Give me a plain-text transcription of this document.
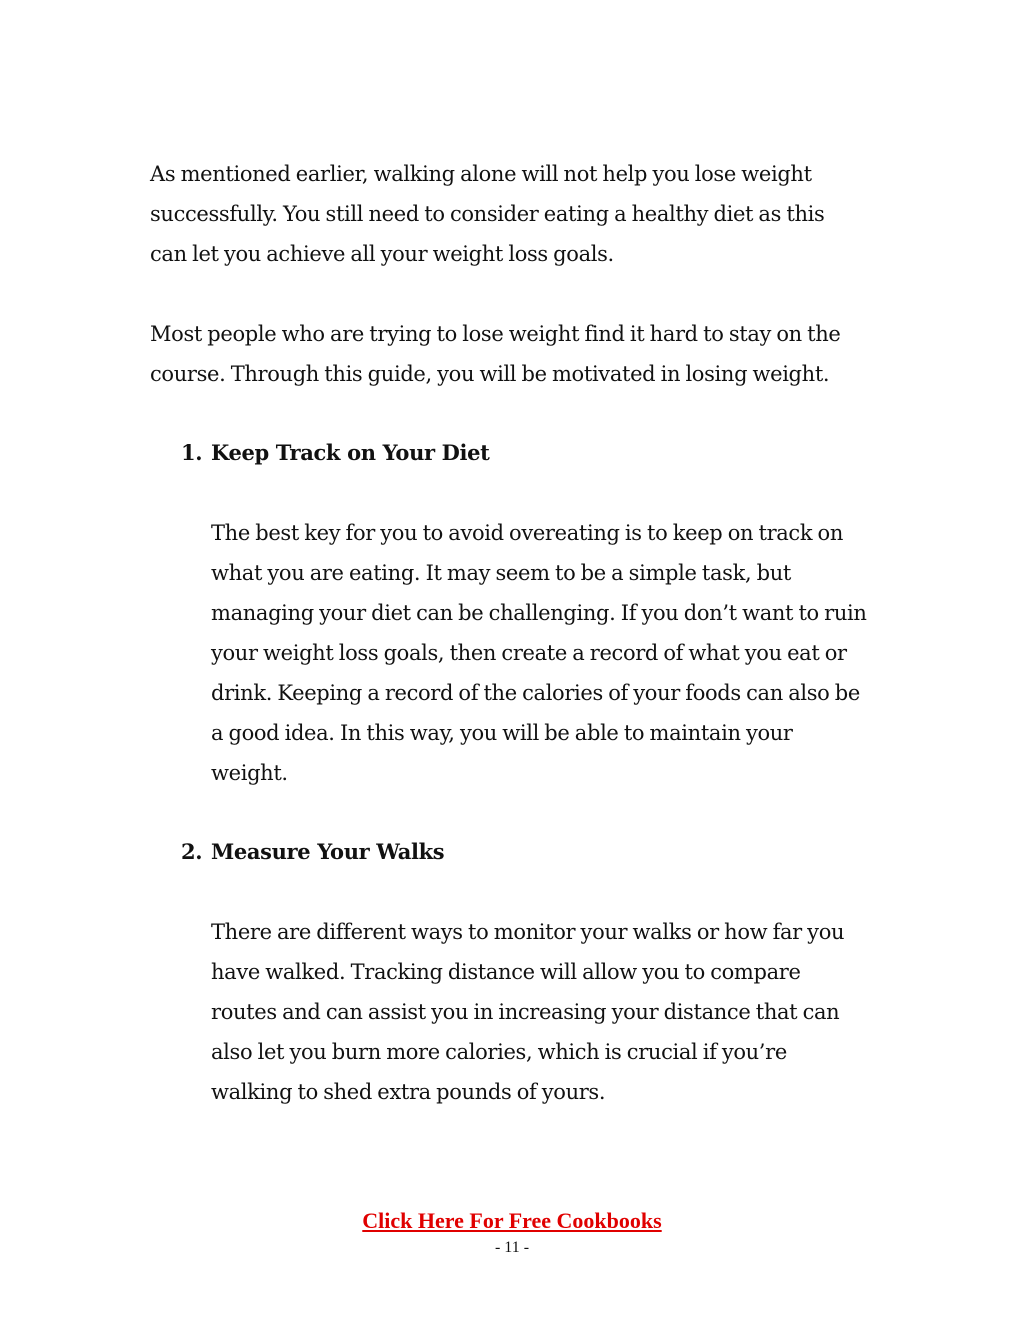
As mentioned earlier, walking alone will not help you lose weight
successfully. You still need to consider eating a healthy diet as this
can let you achieve all your weight loss goals.

Most people who are trying to lose weight find it hard to stay on the
course. Through this guide, you will be motivated in losing weight.

1. Keep Track on Your Diet

The best key for you to avoid overeating is to keep on track on
what you are eating. It may seem to be a simple task, but
managing your diet can be challenging. If you don’t want to ruin
your weight loss goals, then create a record of what you eat or
drink. Keeping a record of the calories of your foods can also be
a good idea. In this way, you will be able to maintain your
weight.

2. Measure Your Walks

There are different ways to monitor your walks or how far you
have walked. Tracking distance will allow you to compare
routes and can assist you in increasing your distance that can
also let you burn more calories, which is crucial if you’re
walking to shed extra pounds of yours.

Click Here For Free Cookbooks
- 11 -
